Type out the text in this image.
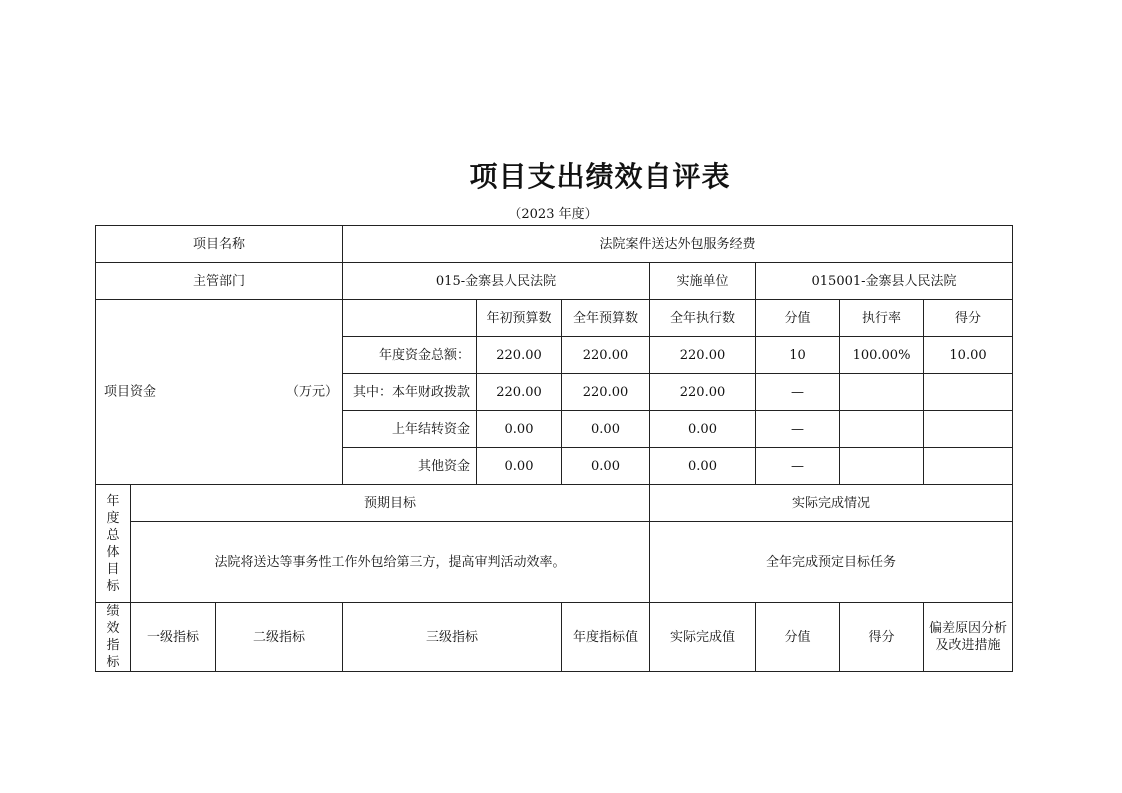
项目支出绩效自评表
（2023 年度）
项目名称			法院案件送达外包服务经费						
主管部门			015-金寨县人民法院			实施单位	015001-金寨县人民法院		

项目资金 （万元）				年初预算数	全年预算数	全年执行数	分值	执行率	得分
			年度资金总额：	220.00	220.00	220.00	10	100.00%	10.00
			其中：本年财政拨款	220.00	220.00	220.00	—		
			上年结转资金	0.00	0.00	0.00	—		
			其他资金	0.00	0.00	0.00	—		
年度总体目标	预期目标					实际完成情况			
	法院将送达等事务性工作外包给第三方，提高审判活动效率。					全年完成预定目标任务			
绩效指标	一级指标	二级指标	三级指标		年度指标值	实际完成值	分值	得分	偏差原因分析及改进措施
